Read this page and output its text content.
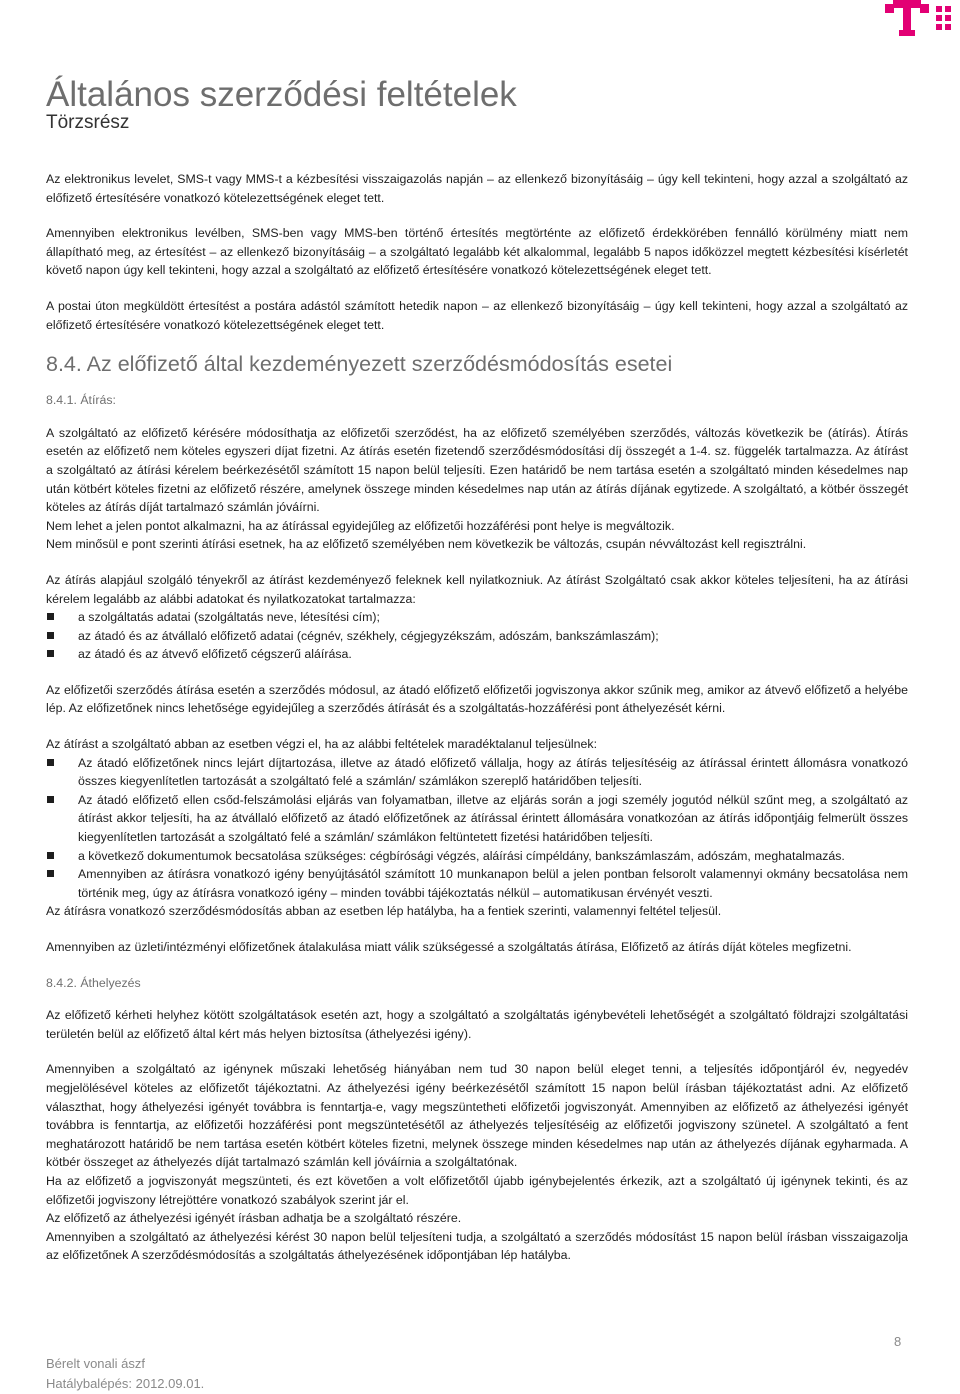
Általános szerződési feltételek
Törzsrész

Az elektronikus levelet, SMS-t vagy MMS-t a kézbesítési visszaigazolás napján – az ellenkező bizonyításáig – úgy kell tekinteni, hogy azzal a szolgáltató az előfizető értesítésére vonatkozó kötelezettségének eleget tett.

Amennyiben elektronikus levélben, SMS-ben vagy MMS-ben történő értesítés megtörténte az előfizető érdekkörében fennálló körülmény miatt nem állapítható meg, az értesítést – az ellenkező bizonyításáig – a szolgáltató legalább két alkalommal, legalább 5 napos időközzel megtett kézbesítési kísérletét követő napon úgy kell tekinteni, hogy azzal a szolgáltató az előfizető értesítésére vonatkozó kötelezettségének eleget tett.

A postai úton megküldött értesítést a postára adástól számított hetedik napon – az ellenkező bizonyításáig – úgy kell tekinteni, hogy azzal a szolgáltató az előfizető értesítésére vonatkozó kötelezettségének eleget tett.

8.4. Az előfizető által kezdeményezett szerződésmódosítás esetei
8.4.1. Átírás:

A szolgáltató az előfizető kérésére módosíthatja az előfizetői szerződést, ha az előfizető személyében szerződés, változás következik be (átírás). Átírás esetén az előfizető nem köteles egyszeri díjat fizetni. Az átírás esetén fizetendő szerződésmódosítási díj összegét a 1-4. sz. függelék tartalmazza. Az átírást a szolgáltató az átírási kérelem beérkezésétől számított 15 napon belül teljesíti. Ezen határidő be nem tartása esetén a szolgáltató minden késedelmes nap után kötbért köteles fizetni az előfizető részére, amelynek összege minden késedelmes nap után az átírás díjának egytizede. A szolgáltató, a kötbér összegét köteles az átírás díját tartalmazó számlán jóváírni.

Nem lehet a jelen pontot alkalmazni, ha az átírással egyidejűleg az előfizetői hozzáférési pont helye is megváltozik.

Nem minősül e pont szerinti átírási esetnek, ha az előfizető személyében nem következik be változás, csupán névváltozást kell regisztrálni.

Az átírás alapjául szolgáló tényekről az átírást kezdeményező feleknek kell nyilatkozniuk. Az átírást Szolgáltató csak akkor köteles teljesíteni, ha az átírási kérelem legalább az alábbi adatokat és nyilatkozatokat tartalmazza:

a szolgáltatás adatai (szolgáltatás neve, létesítési cím);
az átadó és az átvállaló előfizető adatai (cégnév, székhely, cégjegyzékszám, adószám, bankszámlaszám);
az átadó és az átvevő előfizető cégszerű aláírása.

Az előfizetői szerződés átírása esetén a szerződés módosul, az átadó előfizető előfizetői jogviszonya akkor szűnik meg, amikor az átvevő előfizető a helyébe lép. Az előfizetőnek nincs lehetősége egyidejűleg a szerződés átírását és a szolgáltatás-hozzáférési pont áthelyezését kérni.

Az átírást a szolgáltató abban az esetben végzi el, ha az alábbi feltételek maradéktalanul teljesülnek:

Az átadó előfizetőnek nincs lejárt díjtartozása, illetve az átadó előfizető vállalja, hogy az átírás teljesítéséig az átírással érintett állomásra vonatkozó összes kiegyenlítetlen tartozását a szolgáltató felé a számlán/ számlákon szereplő határidőben teljesíti.
Az átadó előfizető ellen csőd-felszámolási eljárás van folyamatban, illetve az eljárás során a jogi személy jogutód nélkül szűnt meg, a szolgáltató az átírást akkor teljesíti, ha az átvállaló előfizető az átadó előfizetőnek az átírással érintett állomására vonatkozóan az átírás időpontjáig felmerült összes kiegyenlítetlen tartozását a szolgáltató felé a számlán/ számlákon feltüntetett fizetési határidőben teljesíti.
a következő dokumentumok becsatolása szükséges: cégbírósági végzés, aláírási címpéldány, bankszámlaszám, adószám, meghatalmazás.
Amennyiben az átírásra vonatkozó igény benyújtásától számított 10 munkanapon belül a jelen pontban felsorolt valamennyi okmány becsatolása nem történik meg, úgy az átírásra vonatkozó igény – minden további tájékoztatás nélkül – automatikusan érvényét veszti.

Az átírásra vonatkozó szerződésmódosítás abban az esetben lép hatályba, ha a fentiek szerinti, valamennyi feltétel teljesül.

Amennyiben az üzleti/intézményi előfizetőnek átalakulása miatt válik szükségessé a szolgáltatás átírása, Előfizető az átírás díját köteles megfizetni.

8.4.2. Áthelyezés

Az előfizető kérheti helyhez kötött szolgáltatások esetén azt, hogy a szolgáltató a szolgáltatás igénybevételi lehetőségét a szolgáltató földrajzi szolgáltatási területén belül az előfizető által kért más helyen biztosítsa (áthelyezési igény).

Amennyiben a szolgáltató az igénynek műszaki lehetőség hiányában nem tud 30 napon belül eleget tenni, a teljesítés időpontjáról év, negyedév megjelölésével köteles az előfizetőt tájékoztatni. Az áthelyezési igény beérkezésétől számított 15 napon belül írásban tájékoztatást adni. Az előfizető választhat, hogy áthelyezési igényét továbbra is fenntartja-e, vagy megszüntetheti előfizetői jogviszonyát. Amennyiben az előfizető az áthelyezési igényét továbbra is fenntartja, az előfizetői hozzáférési pont megszüntetésétől az áthelyezés teljesítéséig az előfizetői jogviszony szünetel. A szolgáltató a fent meghatározott határidő be nem tartása esetén kötbért köteles fizetni, melynek összege minden késedelmes nap után az áthelyezés díjának egyharmada. A kötbér összeget az áthelyezés díját tartalmazó számlán kell jóváírnia a szolgáltatónak.

Ha az előfizető a jogviszonyát megszünteti, és ezt követően a volt előfizetőtől újabb igénybejelentés érkezik, azt a szolgáltató új igénynek tekinti, és az előfizetői jogviszony létrejöttére vonatkozó szabályok szerint jár el.

Az előfizető az áthelyezési igényét írásban adhatja be a szolgáltató részére.

Amennyiben a szolgáltató az áthelyezési kérést 30 napon belül teljesíteni tudja, a szolgáltató a szerződés módosítást 15 napon belül írásban visszaigazolja az előfizetőnek A szerződésmódosítás a szolgáltatás áthelyezésének időpontjában lép hatályba.

8
Bérelt vonali ászf
Hatálybalépés: 2012.09.01.
